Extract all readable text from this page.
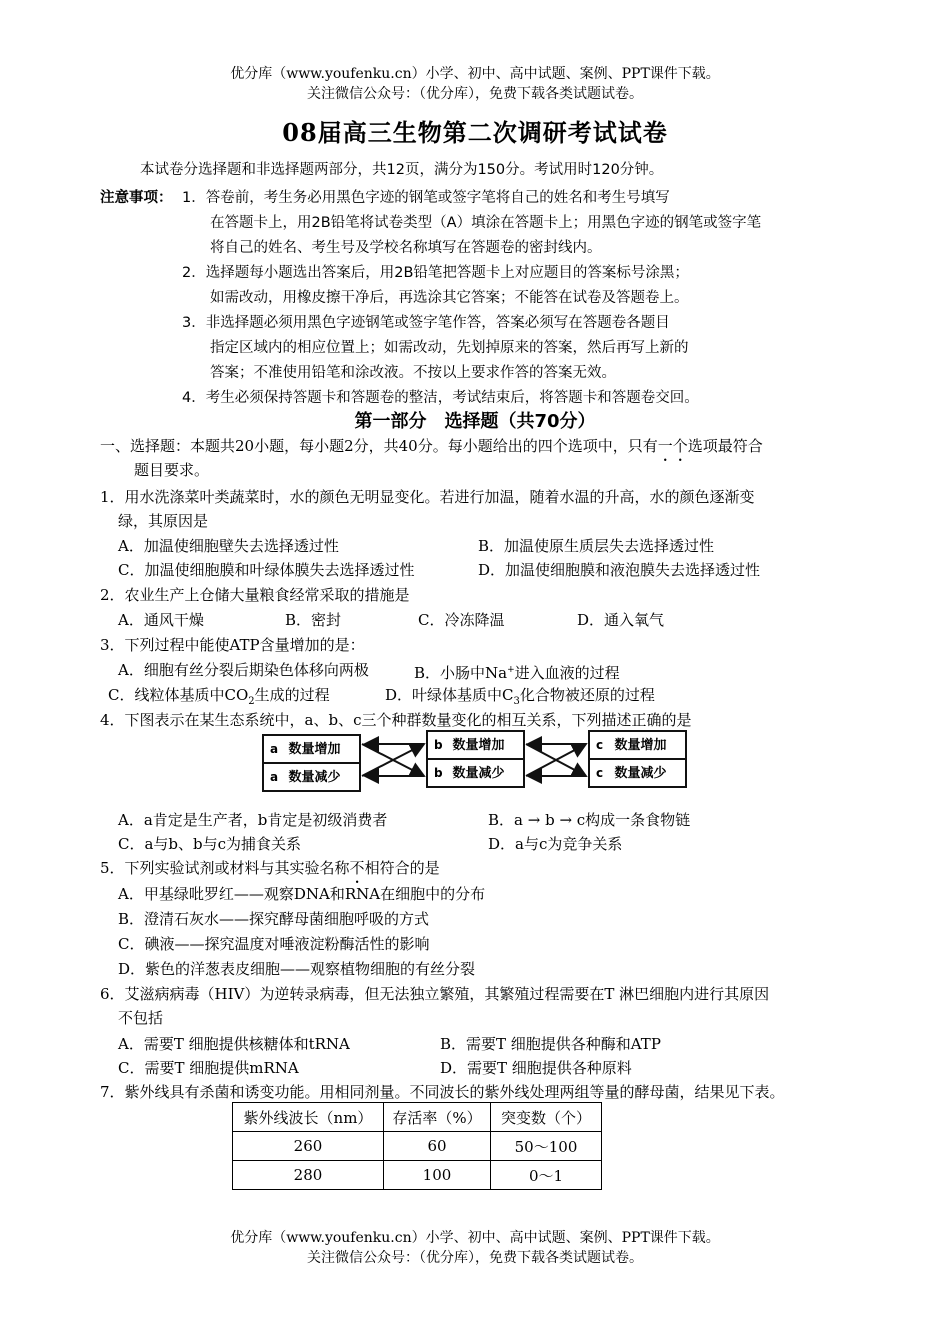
优分库（www.youfenku.cn）小学、初中、高中试题、案例、PPT课件下载。
关注微信公众号：（优分库），免费下载各类试题试卷。
08届高三生物第二次调研考试试卷
本试卷分选择题和非选择题两部分，共12页，满分为150分。考试用时120分钟。
注意事项： 1．答卷前，考生务必用黑色字迹的钢笔或签字笔将自己的姓名和考生号填写
在答题卡上，用2B铅笔将试卷类型（A）填涂在答题卡上；用黑色字迹的钢笔或签字笔
将自己的姓名、考生号及学校名称填写在答题卷的密封线内。
2．选择题每小题选出答案后，用2B铅笔把答题卡上对应题目的答案标号涂黑；
如需改动，用橡皮擦干净后，再选涂其它答案；不能答在试卷及答题卷上。
3．非选择题必须用黑色字迹钢笔或签字笔作答，答案必须写在答题卷各题目
指定区域内的相应位置上；如需改动，先划掉原来的答案，然后再写上新的
答案；不准使用铅笔和涂改液。不按以上要求作答的答案无效。
4．考生必须保持答题卡和答题卷的整洁，考试结束后，将答题卡和答题卷交回。
第一部分　选择题（共70分）
一、选择题：本题共20小题，每小题2分，共40分。每小题给出的四个选项中，只有一个选项最符合
题目要求。
1．用水洗涤菜叶类蔬菜时，水的颜色无明显变化。若进行加温，随着水温的升高，水的颜色逐渐变
绿，其原因是
A．加温使细胞壁失去选择透过性	B．加温使原生质层失去选择透过性
C．加温使细胞膜和叶绿体膜失去选择透过性	D．加温使细胞膜和液泡膜失去选择透过性
2．农业生产上仓储大量粮食经常采取的措施是
A．通风干燥	B．密封	C．冷冻降温	D．通入氧气
3．下列过程中能使ATP含量增加的是：
A．细胞有丝分裂后期染色体移向两极	B．小肠中Na+进入血液的过程
C．线粒体基质中$CO_2$生成的过程	D．叶绿体基质中$C_3$化合物被还原的过程
4．下图表示在某生态系统中，a、b、c三个种群数量变化的相互关系，下列描述正确的是
a 数量增加
a 数量减少
b 数量增加
b 数量减少
c 数量增加
c 数量减少
A．a肯定是生产者，b肯定是初级消费者	B．a → b → c构成一条食物链
C．a与b、b与c为捕食关系	D．a与c为竞争关系
5．下列实验试剂或材料与其实验名称不相符合的是
A．甲基绿吡罗红——观察DNA和RNA在细胞中的分布
B．澄清石灰水——探究酵母菌细胞呼吸的方式
C．碘液——探究温度对唾液淀粉酶活性的影响
D．紫色的洋葱表皮细胞——观察植物细胞的有丝分裂
6．艾滋病病毒（HIV）为逆转录病毒，但无法独立繁殖，其繁殖过程需要在T 淋巴细胞内进行其原因
不包括
A．需要T 细胞提供核糖体和tRNA	B．需要T 细胞提供各种酶和ATP
C．需要T 细胞提供mRNA	D．需要T 细胞提供各种原料
7．紫外线具有杀菌和诱变功能。用相同剂量。不同波长的紫外线处理两组等量的酵母菌，结果见下表。
紫外线波长（nm）	存活率（%）	突变数（个）
260	60	50～100
280	100	0～1
优分库（www.youfenku.cn）小学、初中、高中试题、案例、PPT课件下载。
关注微信公众号：（优分库），免费下载各类试题试卷。
